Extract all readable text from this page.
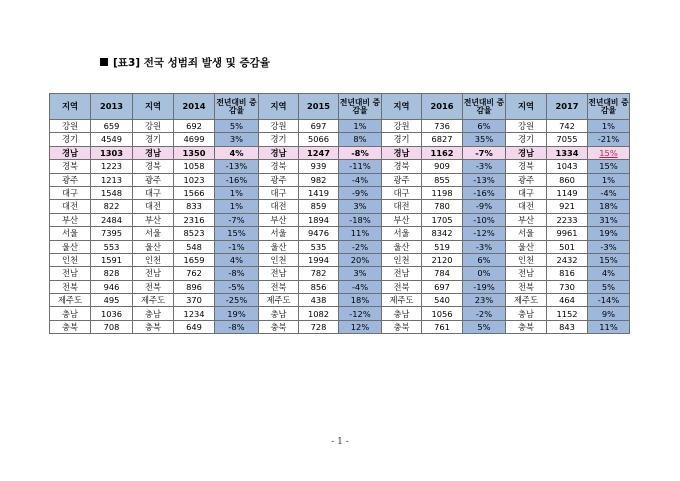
[표3] 전국 성범죄 발생 및 증감율
지역	2013	지역	2014	전년대비 증감율	지역	2015	전년대비 증감율	지역	2016	전년대비 증감율	지역	2017	전년대비 증감율
강원	659	강원	692	5%	강원	697	1%	강원	736	6%	강원	742	1%
경기	4549	경기	4699	3%	경기	5066	8%	경기	6827	35%	경기	7055	-21%
경남	1303	경남	1350	4%	경남	1247	-8%	경남	1162	-7%	경남	1334	15%
경북	1223	경북	1058	-13%	경북	939	-11%	경북	909	-3%	경북	1043	15%
광주	1213	광주	1023	-16%	광주	982	-4%	광주	855	-13%	광주	860	1%
대구	1548	대구	1566	1%	대구	1419	-9%	대구	1198	-16%	대구	1149	-4%
대전	822	대전	833	1%	대전	859	3%	대전	780	-9%	대전	921	18%
부산	2484	부산	2316	-7%	부산	1894	-18%	부산	1705	-10%	부산	2233	31%
서울	7395	서울	8523	15%	서울	9476	11%	서울	8342	-12%	서울	9961	19%
울산	553	울산	548	-1%	울산	535	-2%	울산	519	-3%	울산	501	-3%
인천	1591	인천	1659	4%	인천	1994	20%	인천	2120	6%	인천	2432	15%
전남	828	전남	762	-8%	전남	782	3%	전남	784	0%	전남	816	4%
전북	946	전북	896	-5%	전북	856	-4%	전북	697	-19%	전북	730	5%
제주도	495	제주도	370	-25%	제주도	438	18%	제주도	540	23%	제주도	464	-14%
충남	1036	충남	1234	19%	충남	1082	-12%	충남	1056	-2%	충남	1152	9%
충북	708	충북	649	-8%	충북	728	12%	충북	761	5%	충북	843	11%
- 1 -
